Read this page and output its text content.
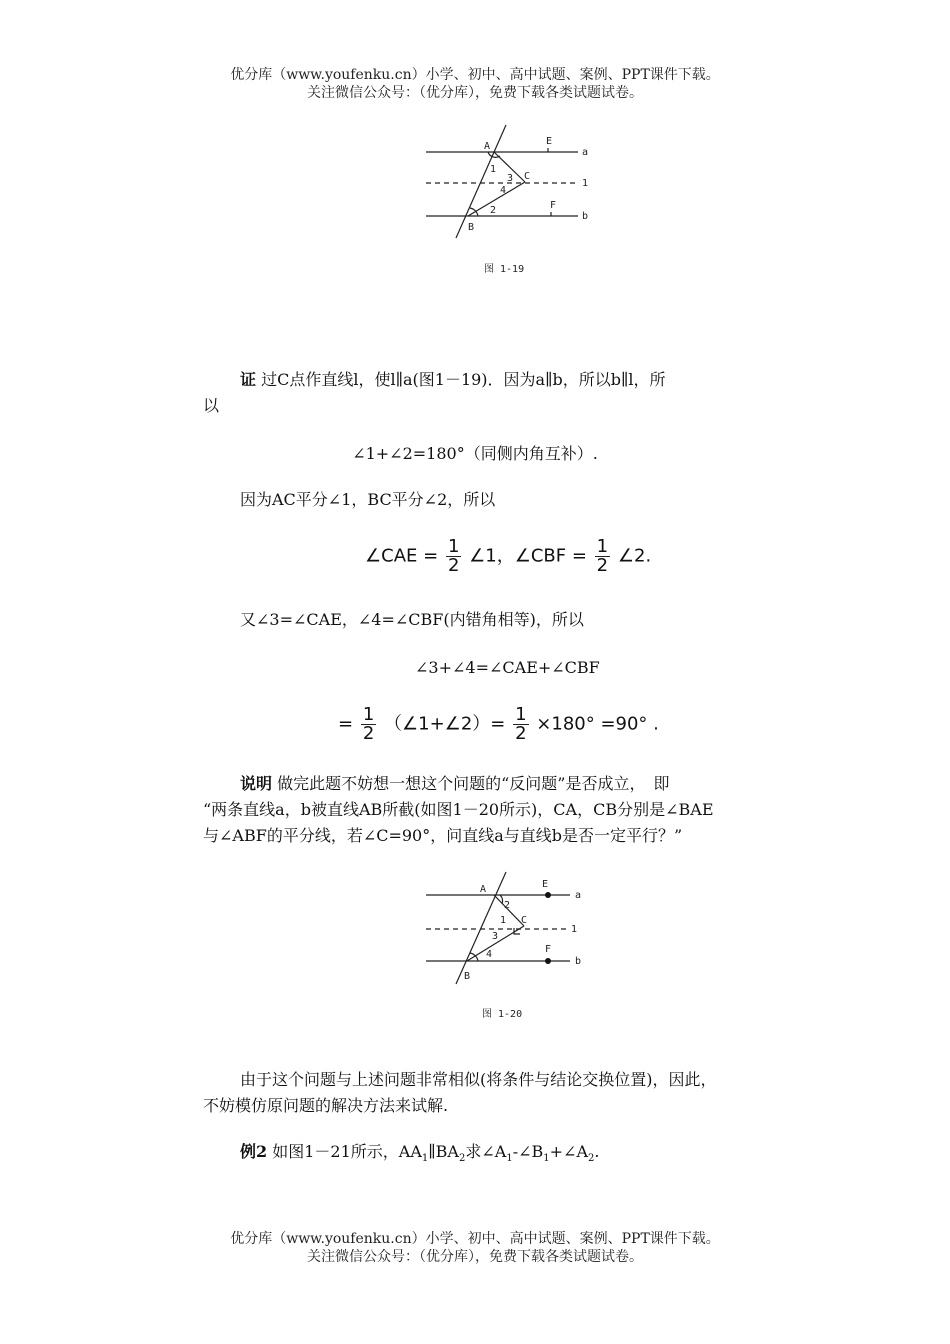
优分库（www.youfenku.cn）小学、初中、高中试题、案例、PPT课件下载。
关注微信公众号：（优分库），免费下载各类试题试卷。
A	E
C
B
F
1
2
3
4
a
1
b
图 1-19
证 过C点作直线l，使l∥a(图1－19)．因为a∥b，所以b∥l，所
以
∠1+∠2=180°（同侧内角互补）.
因为AC平分∠1，BC平分∠2，所以
∠CAE = $\frac{1}{2}$ ∠1，∠CBF = $\frac{1}{2}$ ∠2.
又∠3=∠CAE，∠4=∠CBF(内错角相等)，所以
∠3+∠4=∠CAE+∠CBF
= $\frac{1}{2}$ （∠1+∠2）= $\frac{1}{2} \times 180^\circ =90^\circ$ .
说明 做完此题不妨想一想这个问题的“反问题”是否成立，　即
“两条直线a，b被直线AB所截(如图1－20所示)，CA，CB分别是∠BAE
与∠ABF的平分线，若∠C=90°，问直线a与直线b是否一定平行？”
A	E
C
B
F
1
2
3
4
a
1
b
图 1-20
由于这个问题与上述问题非常相似(将条件与结论交换位置)，因此，
不妨模仿原问题的解决方法来试解.
例2 如图1－21所示，$AA_1\parallel BA_2$求$\angle A_1-\angle B_1+\angle A_2$.
优分库（www.youfenku.cn）小学、初中、高中试题、案例、PPT课件下载。
关注微信公众号：（优分库），免费下载各类试题试卷。
